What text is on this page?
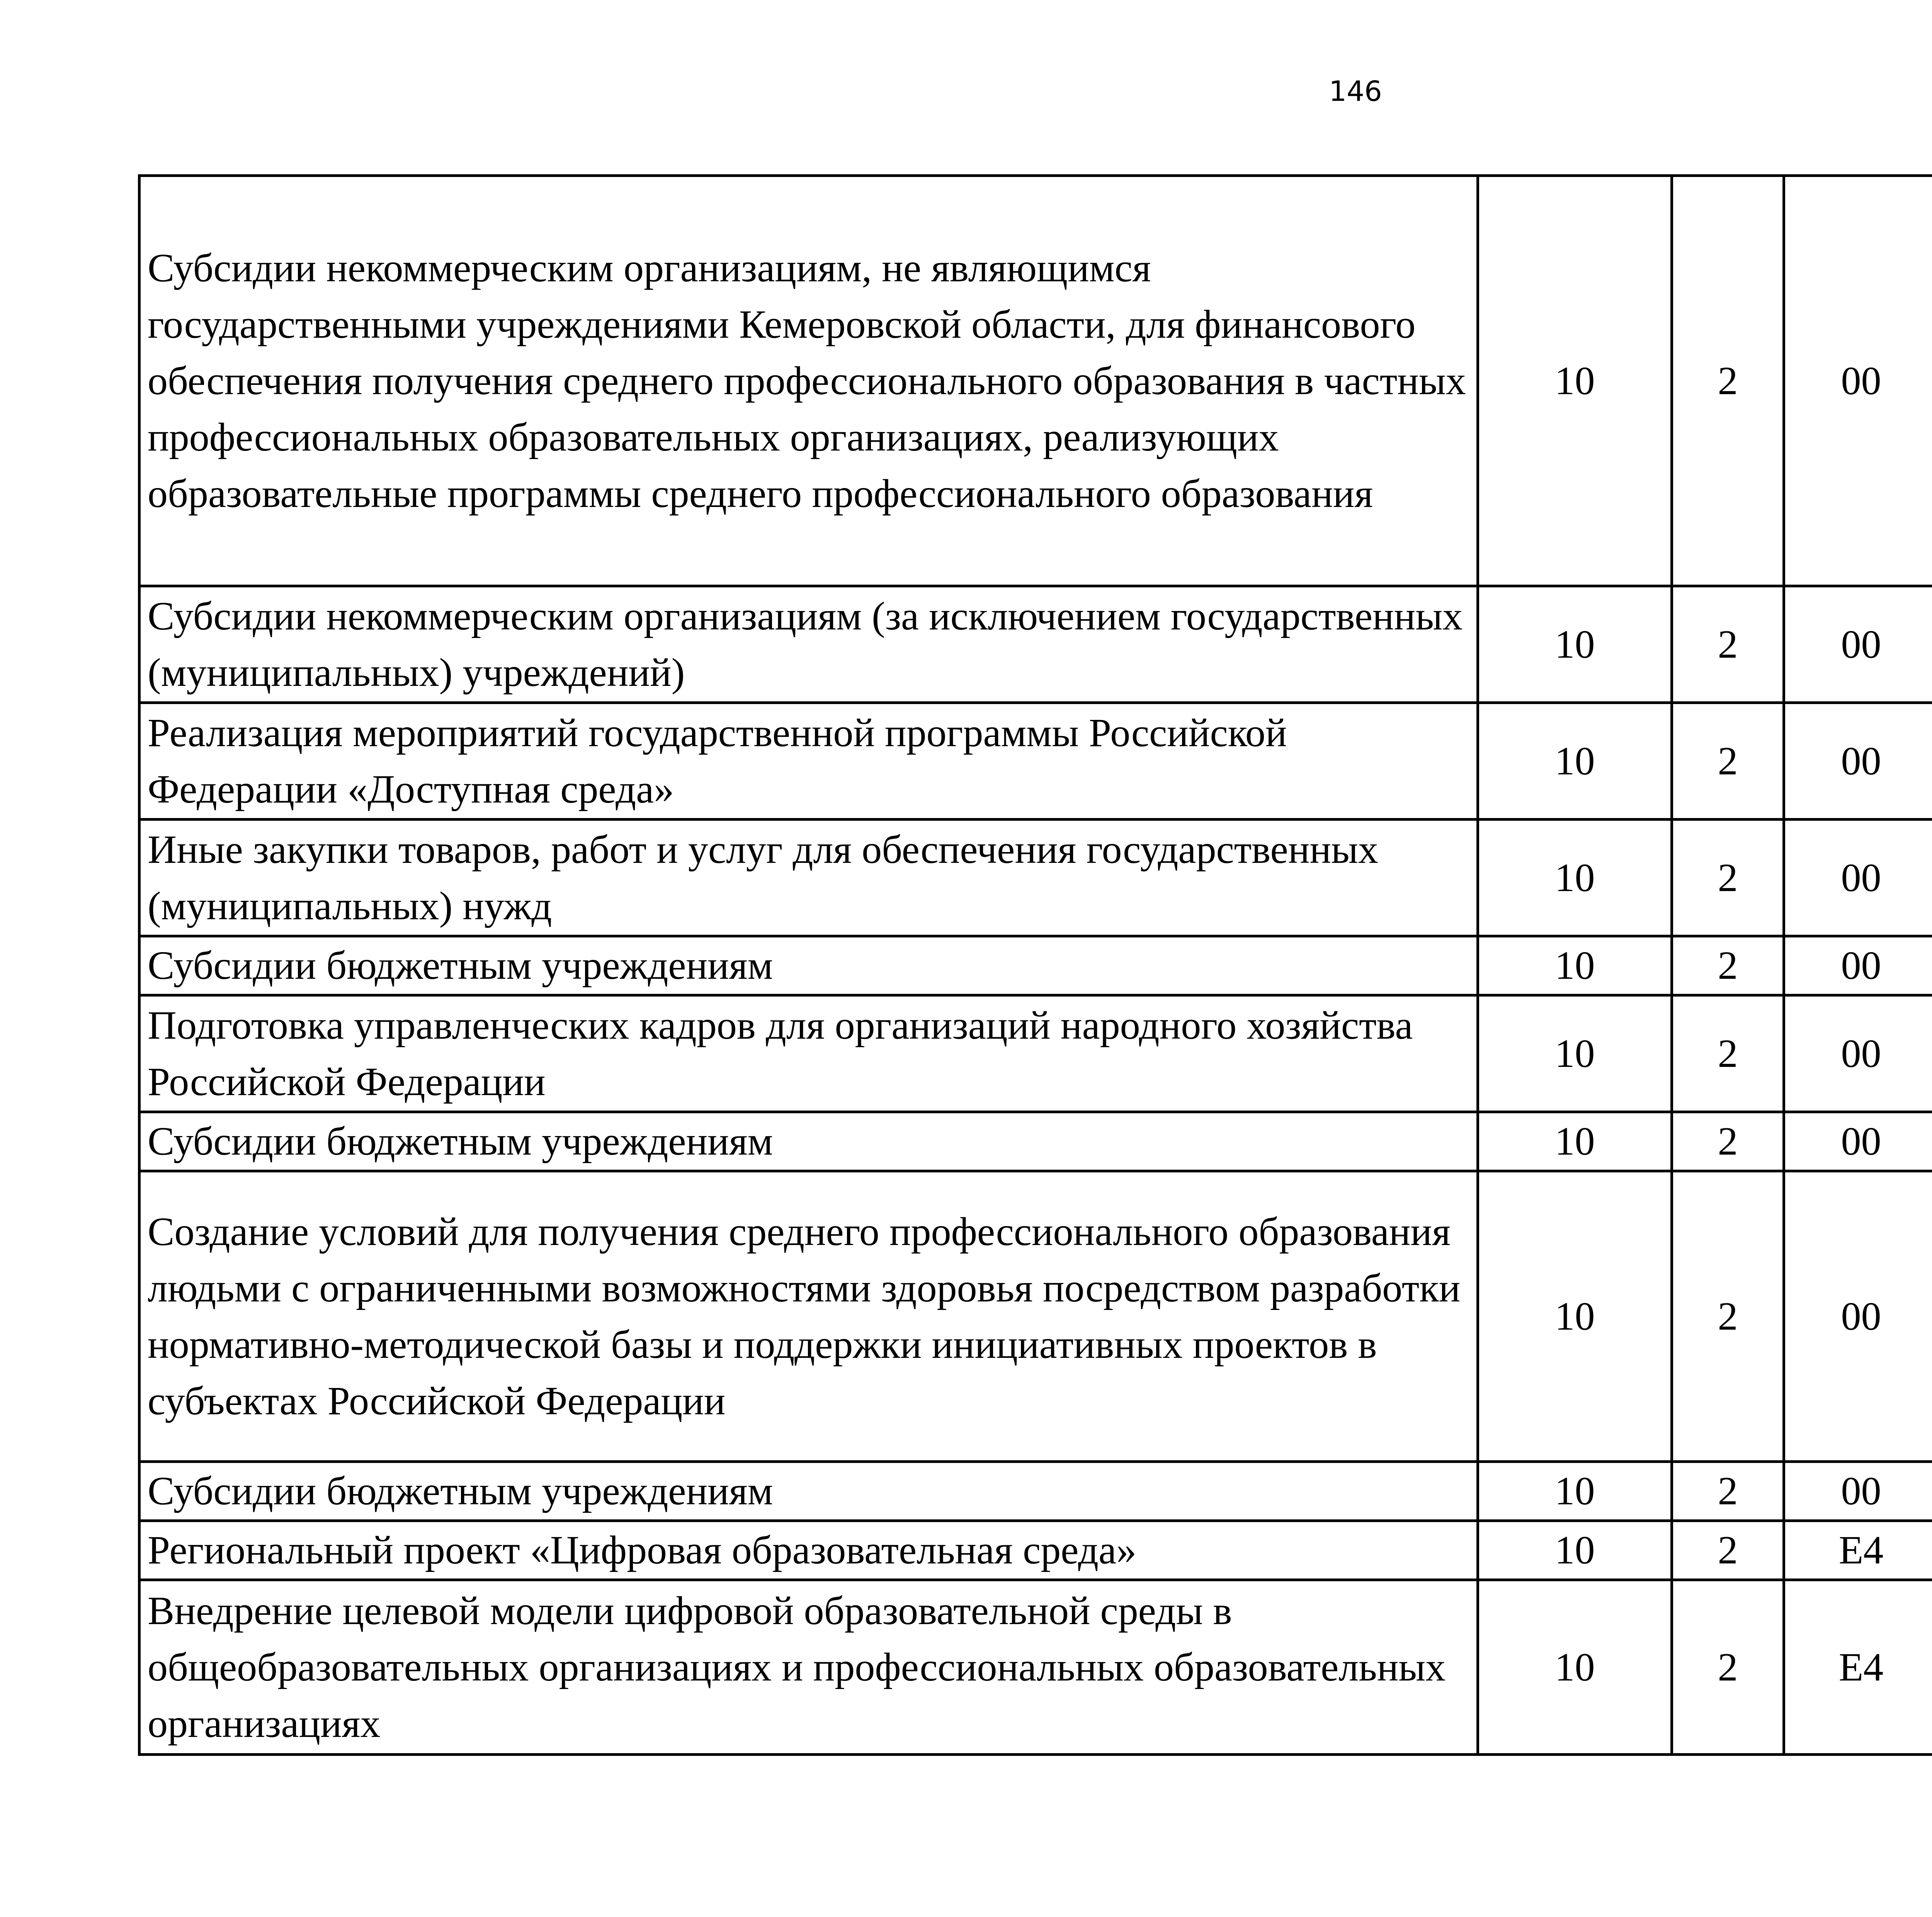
146
Субсидии некоммерческим организациям, не являющимся государственными учреждениями Кемеровской области, для финансового обеспечения получения среднего профессионального образования в частных профессиональных образовательных организациях, реализующих образовательные программы среднего профессионального образования	10	2	00			
Субсидии некоммерческим организациям (за исключением государственных (муниципальных) учреждений)	10	2	00			
Реализация мероприятий государственной программы Российской Федерации «Доступная среда»	10	2	00			
Иные закупки товаров, работ и услуг для обеспечения государственных (муниципальных) нужд	10	2	00			
Субсидии бюджетным учреждениям	10	2	00			
Подготовка управленческих кадров для организаций народного хозяйства Российской Федерации	10	2	00			
Субсидии бюджетным учреждениям	10	2	00			
Создание условий для получения среднего профессионального образования людьми с ограниченными возможностями здоровья посредством разработки нормативно-методической базы и поддержки инициативных проектов в субъектах Российской Федерации	10	2	00			
Субсидии бюджетным учреждениям	10	2	00			
Региональный проект «Цифровая образовательная среда»	10	2	E4			
Внедрение целевой модели цифровой образовательной среды в общеобразовательных организациях и профессиональных образовательных организациях	10	2	E4			
